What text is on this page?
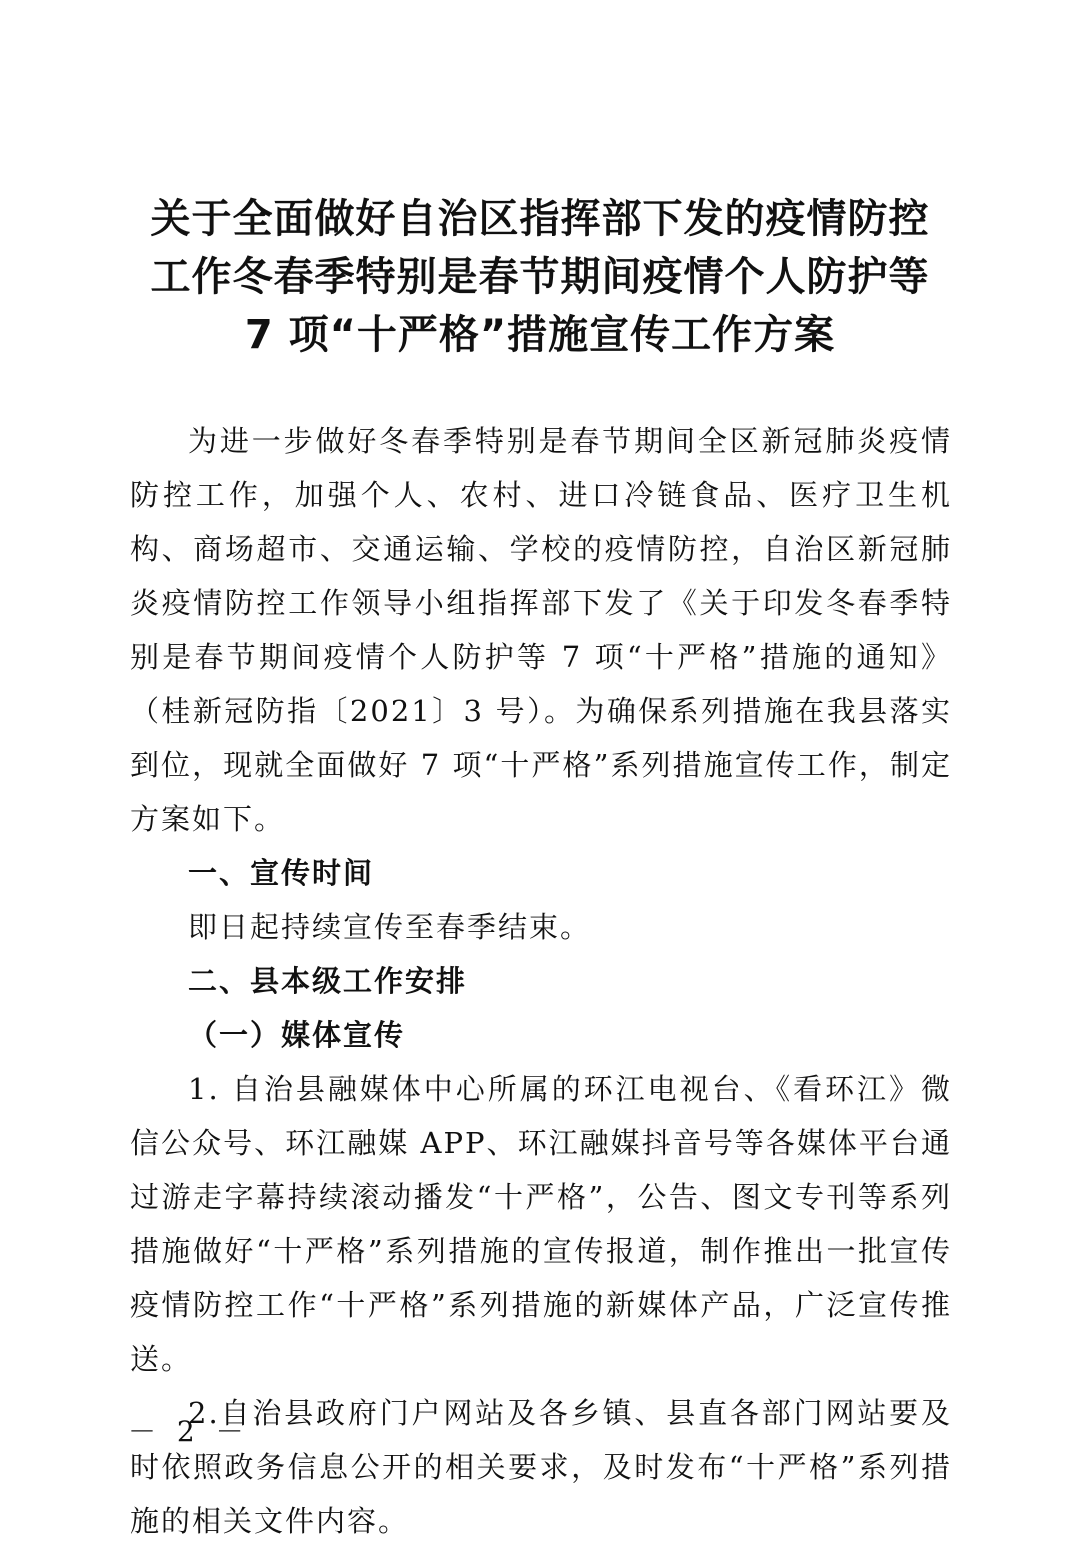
关于全面做好自治区指挥部下发的疫情防控
工作冬春季特别是春节期间疫情个人防护等
7 项“十严格”措施宣传工作方案

为进一步做好冬春季特别是春节期间全区新冠肺炎疫情防控工作，加强个人、农村、进口冷链食品、医疗卫生机构、商场超市、交通运输、学校的疫情防控，自治区新冠肺炎疫情防控工作领导小组指挥部下发了《关于印发冬春季特别是春节期间疫情个人防护等 7 项“十严格”措施的通知》（桂新冠防指〔2021〕3 号）。为确保系列措施在我县落实到位，现就全面做好 7 项“十严格”系列措施宣传工作，制定方案如下。

一、宣传时间

即日起持续宣传至春季结束。

二、县本级工作安排

（一）媒体宣传

1. 自治县融媒体中心所属的环江电视台、《看环江》微信公众号、环江融媒 APP、环江融媒抖音号等各媒体平台通过游走字幕持续滚动播发“十严格”，公告、图文专刊等系列措施做好“十严格”系列措施的宣传报道，制作推出一批宣传疫情防控工作“十严格”系列措施的新媒体产品，广泛宣传推送。

2.自治县政府门户网站及各乡镇、县直各部门网站要及时依照政务信息公开的相关要求，及时发布“十严格”系列措施的相关文件内容。

－ 2 －
